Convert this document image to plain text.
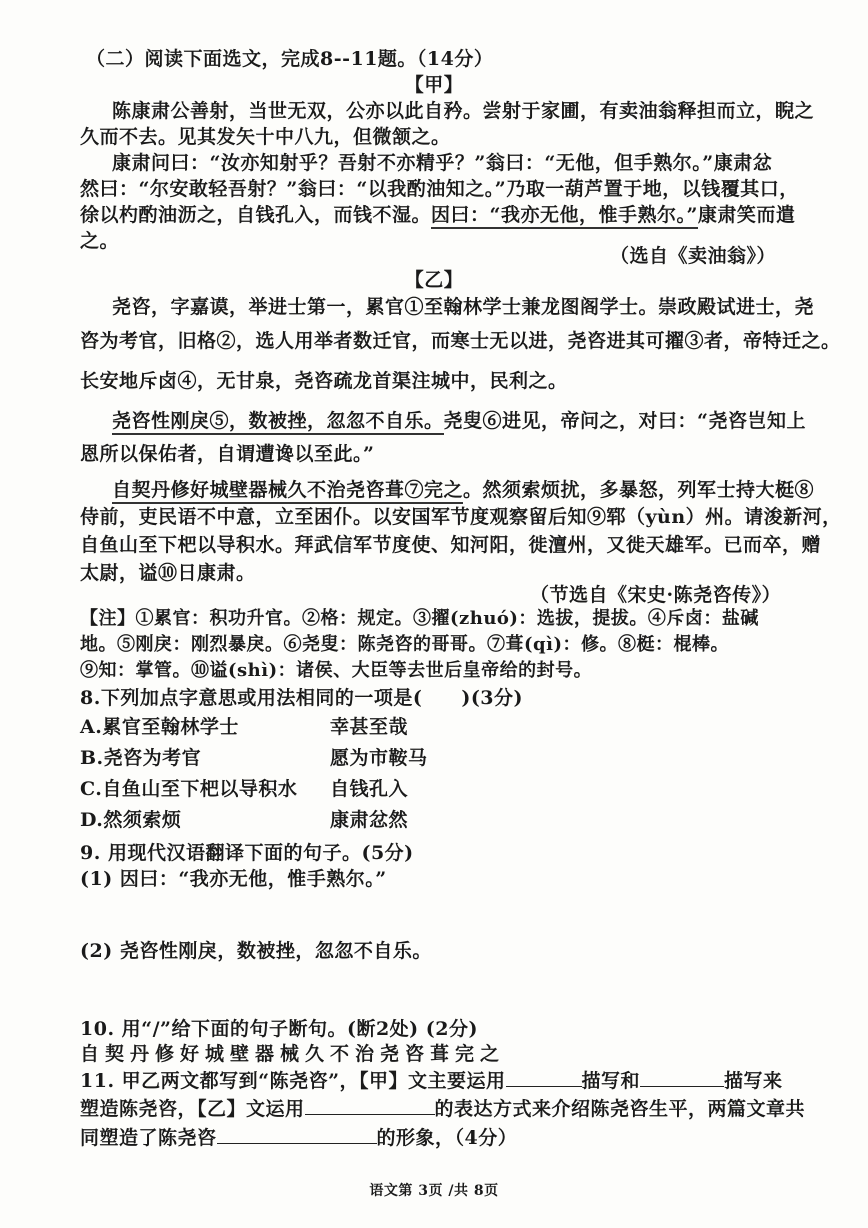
（二）阅读下面选文，完成8--11题。（14分）
【甲】
陈康肃公善射，当世无双，公亦以此自矜。尝射于家圃，有卖油翁释担而立，睨之
久而不去。见其发矢十中八九，但微颔之。
康肃问曰：“汝亦知射乎？吾射不亦精乎？”翁曰：“无他，但手熟尔。”康肃忿
然曰：“尔安敢轻吾射？”翁曰：“以我酌油知之。”乃取一葫芦置于地，以钱覆其口，
徐以杓酌油沥之，自钱孔入，而钱不湿。因曰：“我亦无他，惟手熟尔。”康肃笑而遣
之。
（选自《卖油翁》）
【乙】
尧咨，字嘉谟，举进士第一，累官①至翰林学士兼龙图阁学士。崇政殿试进士，尧
咨为考官，旧格②，选人用举者数迁官，而寒士无以进，尧咨进其可擢③者，帝特迁之。
长安地斥卤④，无甘泉，尧咨疏龙首渠注城中，民利之。
尧咨性刚戾⑤，数被挫，忽忽不自乐。尧叟⑥进见，帝问之，对曰：“尧咨岂知上
恩所以保佑者，自谓遭谗以至此。”
自契丹修好城壁器械久不治尧咨葺⑦完之。然须索烦扰，多暴怒，列军士持大梃⑧
侍前，吏民语不中意，立至困仆。以安国军节度观察留后知⑨郓（yùn）州。请浚新河，
自鱼山至下杷以导积水。拜武信军节度使、知河阳，徙澶州，又徙天雄军。已而卒，赠
太尉，谥⑩日康肃。
（节选自《宋史·陈尧咨传》）
【注】①累官：积功升官。②格：规定。③擢(zhuó)：选拔，提拔。④斥卤：盐碱
地。⑤刚戾：刚烈暴戾。⑥尧叟：陈尧咨的哥哥。⑦葺(qì)：修。⑧梃：棍棒。
⑨知：掌管。⑩谥(shì)：诸侯、大臣等去世后皇帝给的封号。
8.下列加点字意思或用法相同的一项是(　　)(3分)
A.累官至翰林学士	幸甚至哉
B.尧咨为考官	愿为市鞍马
C.自鱼山至下杷以导积水 自钱孔入
D.然须索烦	康肃忿然
9. 用现代汉语翻译下面的句子。(5分)
(1) 因曰：“我亦无他，惟手熟尔。”
(2) 尧咨性刚戾，数被挫，忽忽不自乐。
10. 用“/”给下面的句子断句。(断2处) (2分)
自契丹修好城壁器械久不治尧咨葺完之
11. 甲乙两文都写到“陈尧咨”，【甲】文主要运用	描写和	描写来
塑造陈尧咨，【乙】文运用	的表达方式来介绍陈尧咨生平，两篇文章共
同塑造了陈尧咨	的形象，（4分）
语文第 3页 /共 8页
